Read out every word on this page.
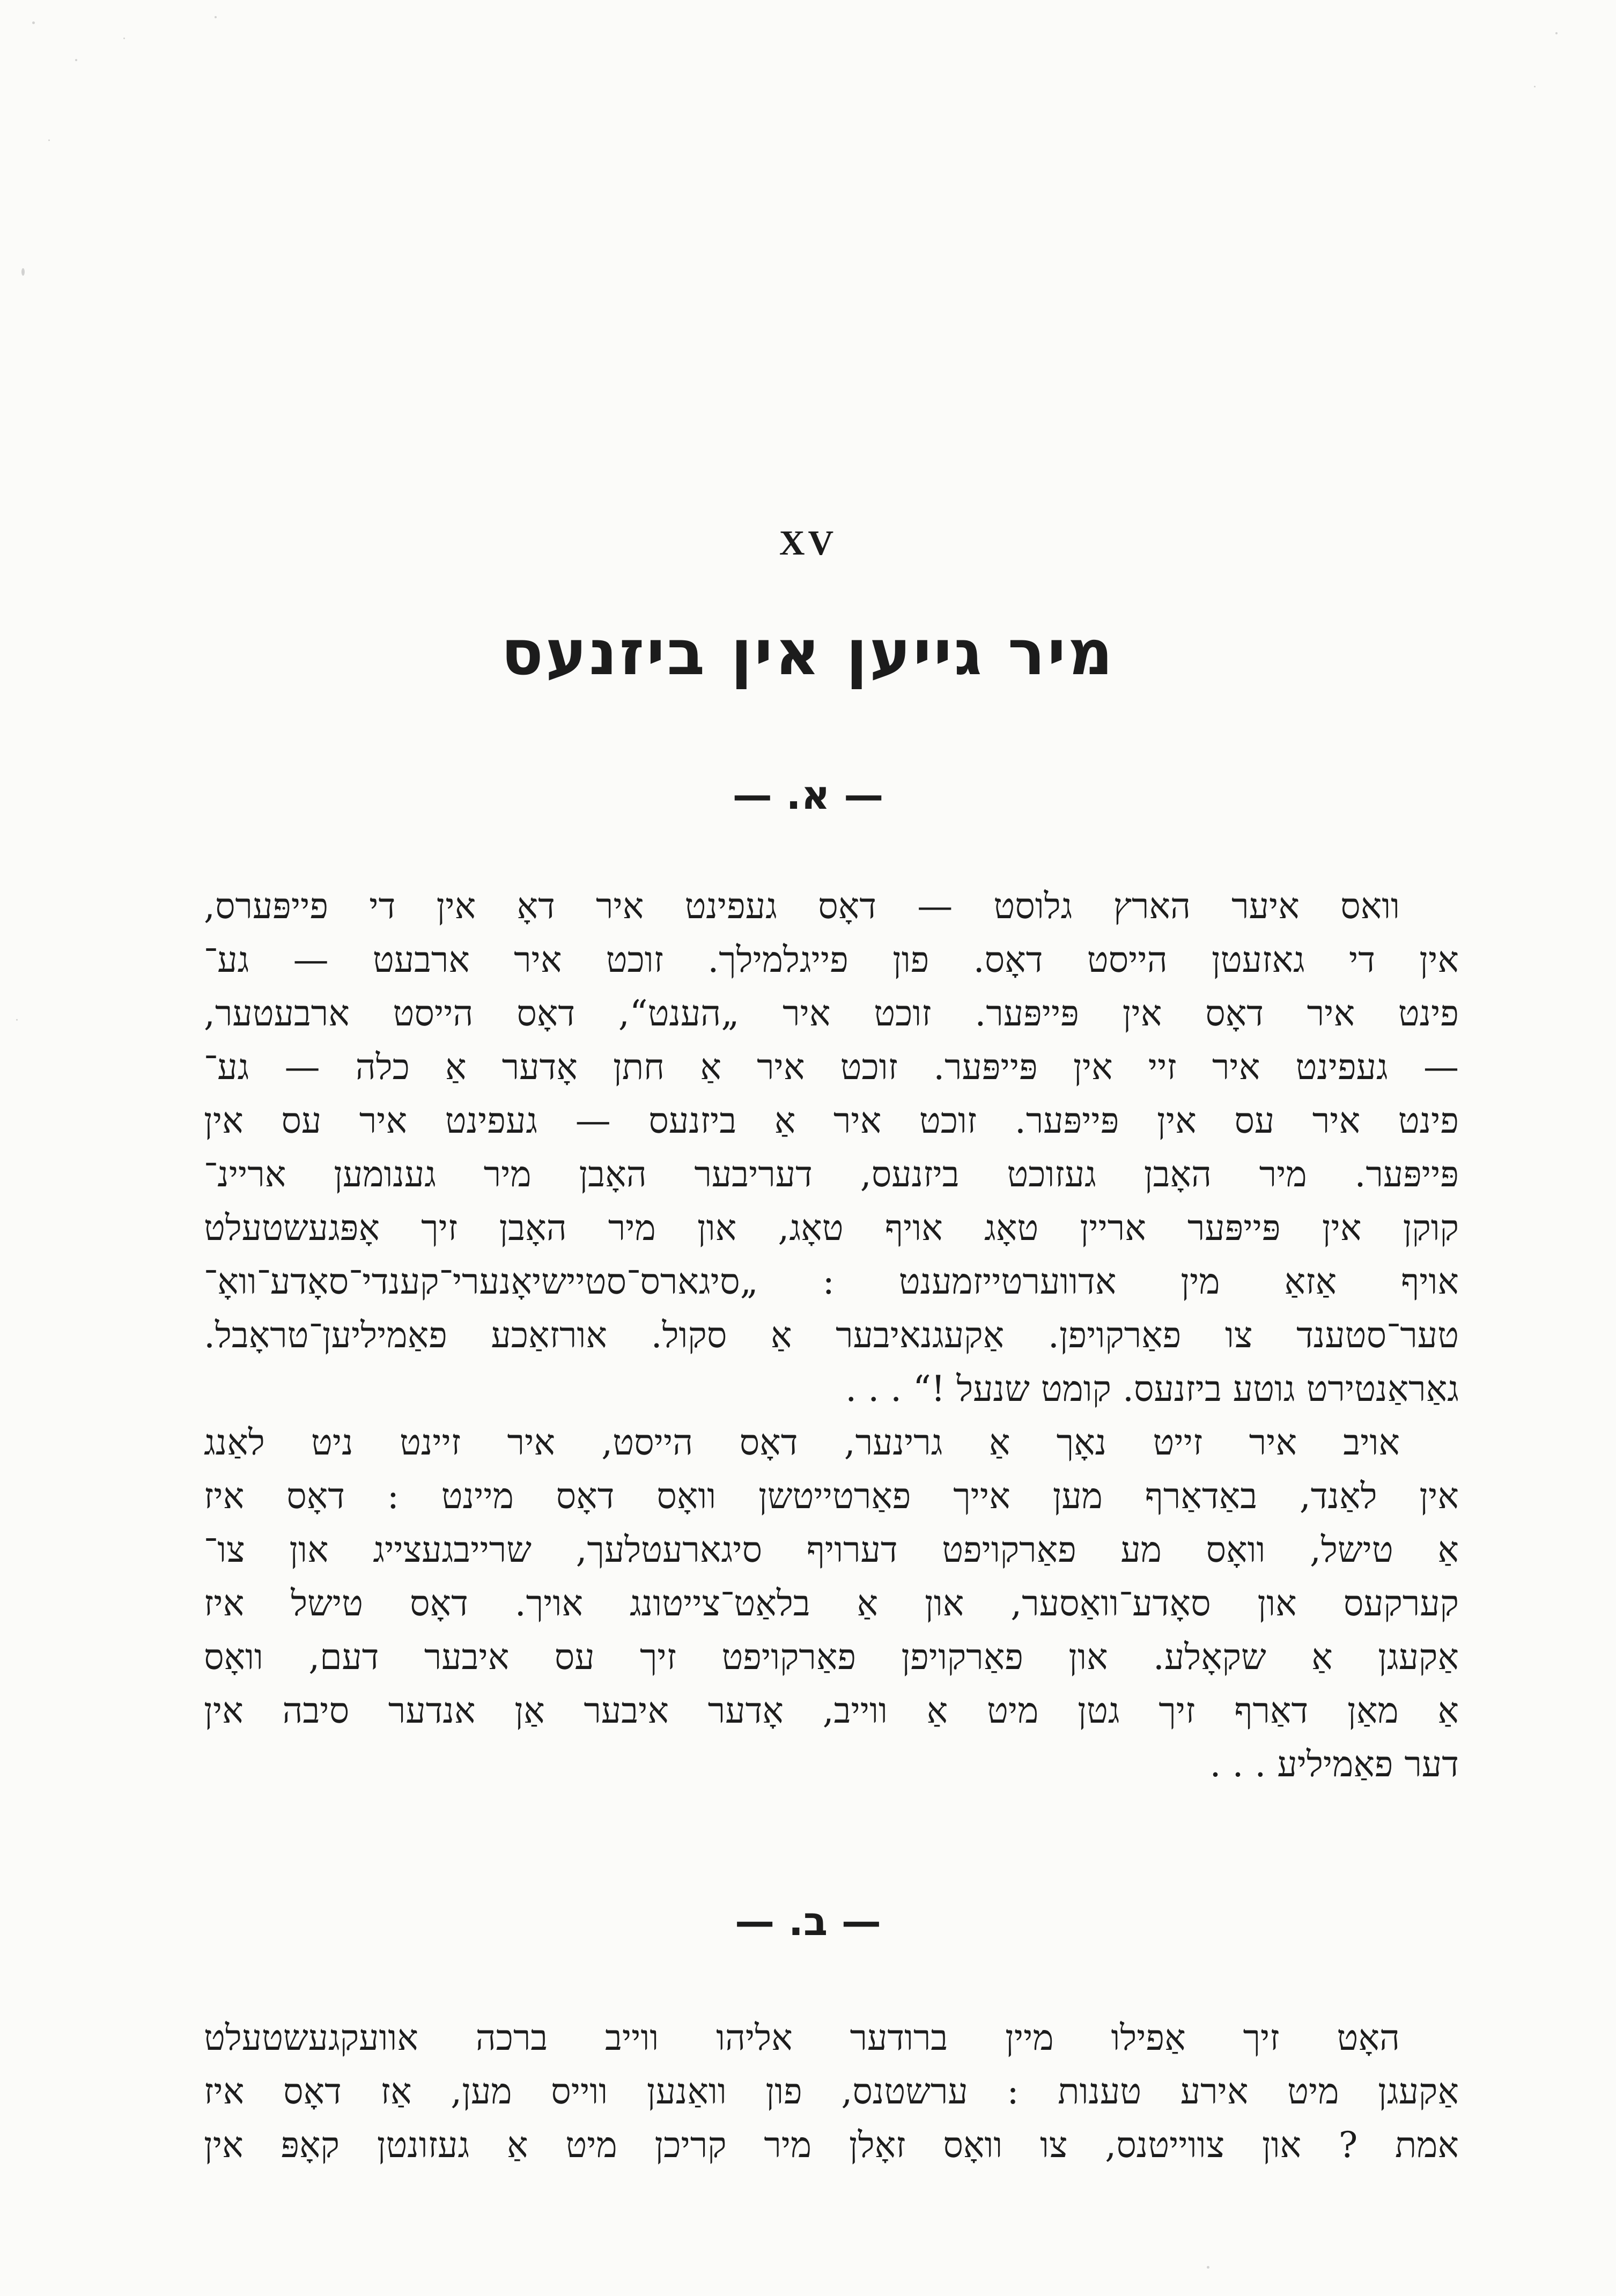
XV
מיר גייען אין ביזנעס
— א. —
וואס איער הארץ גלוסט — דאָס געפינט איר דאָ אין די פייפּערס,
אין די גאזעטן הייסט דאָס. פון פייגלמילך. זוכט איר ארבעט — גע־
פינט איר דאָס אין פּייפּער. זוכט איר „הענט“, דאָס הייסט ארבעטער,
— געפינט איר זיי אין פּייפּער. זוכט איר אַ חתן אָדער אַ כלה — גע־
פינט איר עס אין פּייפּער. זוכט איר אַ ביזנעס — געפינט איר עס אין
פּייפּער. מיר האָבן געזוכט ביזנעס, דעריבער האָבן מיר גענומען אריינ־
קוקן אין פּייפּער אריין טאָג אויף טאָג, און מיר האָבן זיך אָפּגעשטעלט
אויף אַזאַ מין אדווערטייזמענט : „סיגארס־סטיישיאָנערי־קענדי־סאָדע־וואָ־
טער־סטענד צו פאַרקויפן. אַקעגנאיבער אַ סקול. אורזאַכע פאַמיליען־טראָבל.
גאַראַנטירט גוטע ביזנעס. קומט שנעל !“ . . .
אויב איר זייט נאָך אַ גרינער, דאָס הייסט, איר זיינט ניט לאַנג
אין לאַנד, באַדאַרף מען אייך פאַרטייטשן וואָס דאָס מיינט : דאָס איז
אַ טישל, וואָס מע פאַרקויפט דערויף סיגארעטלעך, שרייבגעצייג און צו־
קערקעס און סאָדע־וואַסער, און אַ בלאַט־צייטונג אויך. דאָס טישל איז
אַקעגן אַ שקאָלע. און פאַרקויפן פאַרקויפט זיך עס איבער דעם, וואָס
אַ מאַן דאַרף זיך גטן מיט אַ ווייב, אָדער איבער אַן אנדער סיבה אין
דער פאַמיליע . . .
— ב. —
האָט זיך אַפילו מיין ברודער אליהו ווייב ברכה אוועקגעשטעלט
אַקעגן מיט אירע טענות : ערשטנס, פון וואַנען ווייס מען, אַז דאָס איז
אמת ? און צווייטנס, צו וואָס זאָלן מיר קריכן מיט אַ געזונטן קאָפּ אין
